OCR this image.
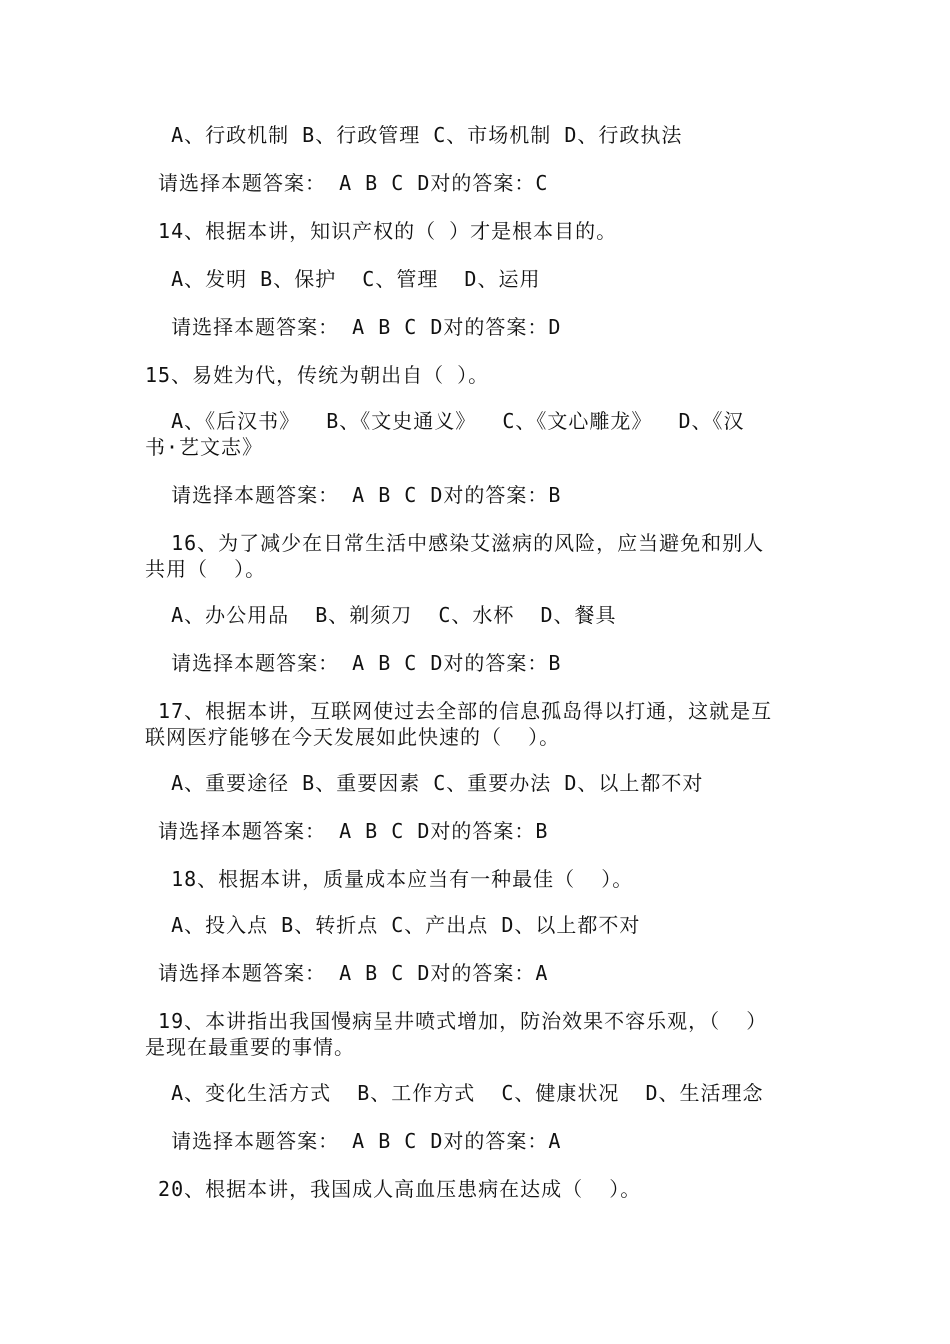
A、行政机制 B、行政管理 C、市场机制 D、行政执法
请选择本题答案： A B C D对的答案：C
14、根据本讲，知识产权的（ ）才是根本目的。
A、发明 B、保护  C、管理  D、运用
请选择本题答案： A B C D对的答案：D
15、易姓为代，传统为朝出自（ ）。
A、《后汉书》  B、《文史通义》  C、《文心雕龙》  D、《汉
书·艺文志》
请选择本题答案： A B C D对的答案：B
16、为了减少在日常生活中感染艾滋病的风险，应当避免和别人
共用（  ）。
A、办公用品  B、剃须刀  C、水杯  D、餐具
请选择本题答案： A B C D对的答案：B
17、根据本讲，互联网使过去全部的信息孤岛得以打通，这就是互
联网医疗能够在今天发展如此快速的（  ）。
A、重要途径 B、重要因素 C、重要办法 D、以上都不对
请选择本题答案： A B C D对的答案：B
18、根据本讲，质量成本应当有一种最佳（  ）。
A、投入点 B、转折点 C、产出点 D、以上都不对
请选择本题答案： A B C D对的答案：A
19、本讲指出我国慢病呈井喷式增加，防治效果不容乐观，（  ）
是现在最重要的事情。
A、变化生活方式  B、工作方式  C、健康状况  D、生活理念
请选择本题答案： A B C D对的答案：A
20、根据本讲，我国成人高血压患病在达成（  ）。
